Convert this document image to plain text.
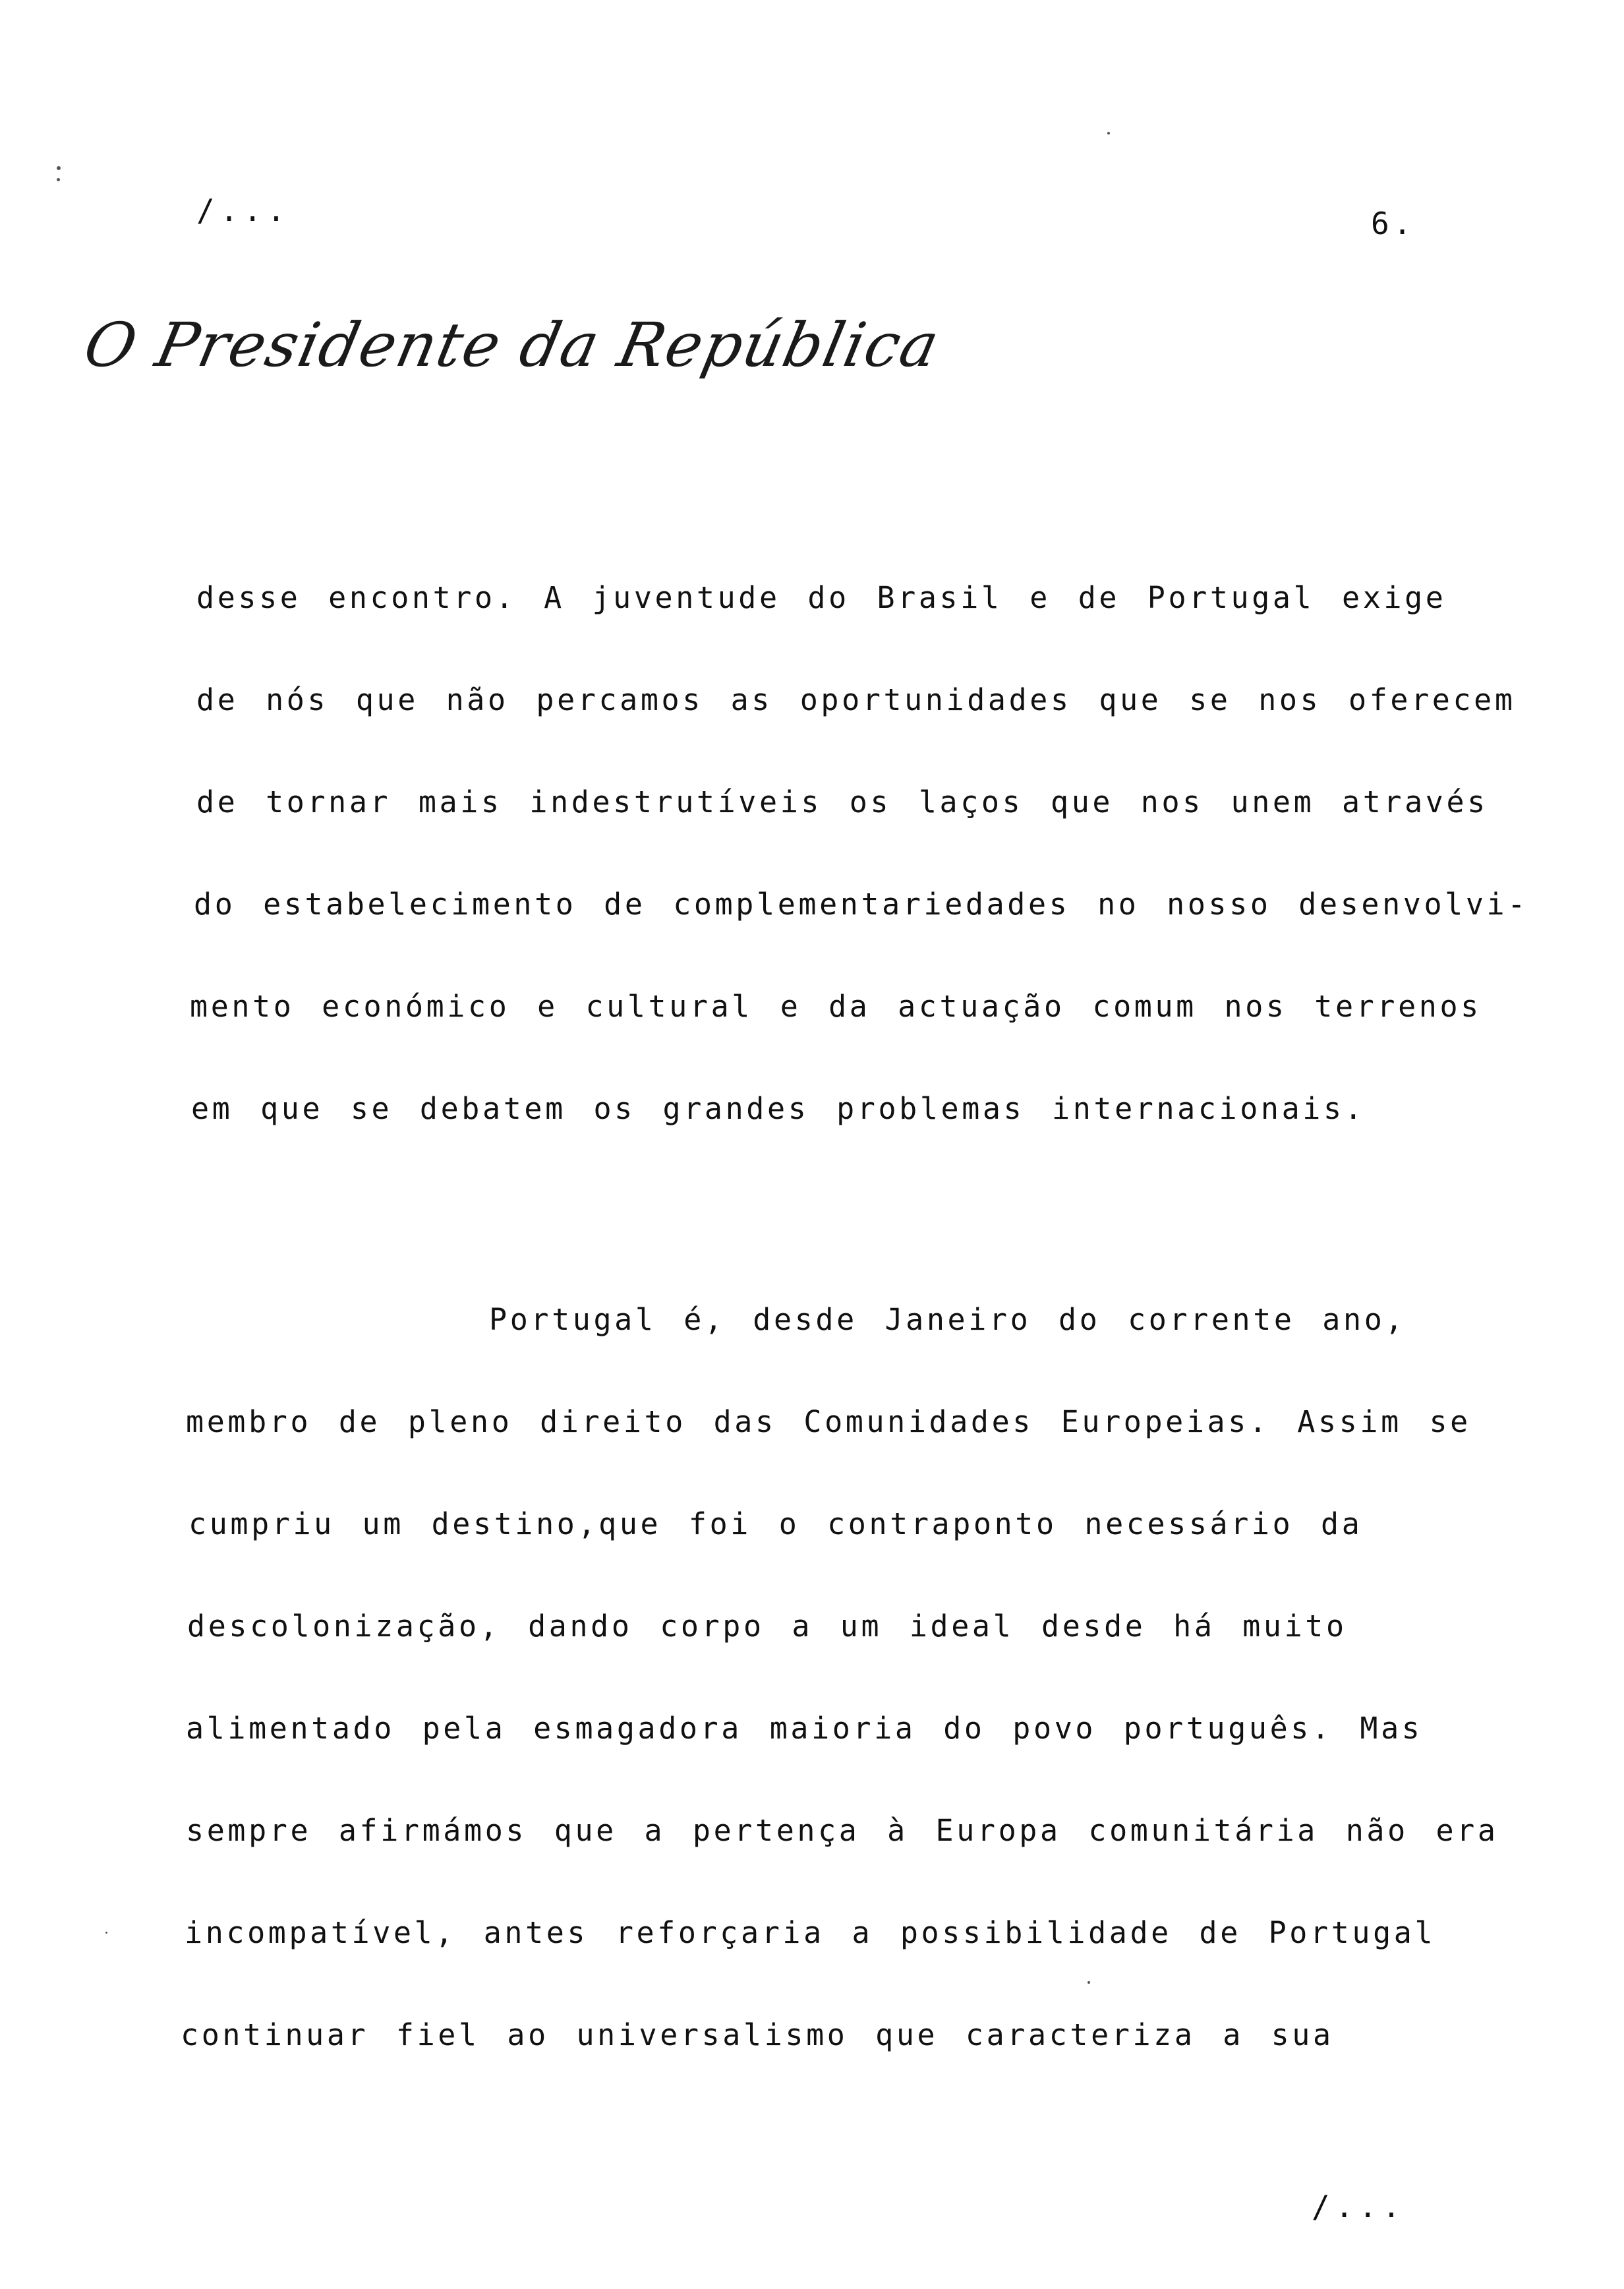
/...	6.
O Presidente da República
desse encontro. A juventude do Brasil e de Portugal exige
de nós que não percamos as oportunidades que se nos oferecem
de tornar mais indestrutíveis os laços que nos unem através
do estabelecimento de complementariedades no nosso desenvolvi-
mento económico e cultural e da actuação comum nos terrenos
em que se debatem os grandes problemas internacionais.
Portugal é, desde Janeiro do corrente ano,
membro de pleno direito das Comunidades Europeias. Assim se
cumpriu um destino,que foi o contraponto necessário da
descolonização, dando corpo a um ideal desde há muito
alimentado pela esmagadora maioria do povo português. Mas
sempre afirmámos que a pertença à Europa comunitária não era
incompatível, antes reforçaria a possibilidade de Portugal
continuar fiel ao universalismo que caracteriza a sua
/...
